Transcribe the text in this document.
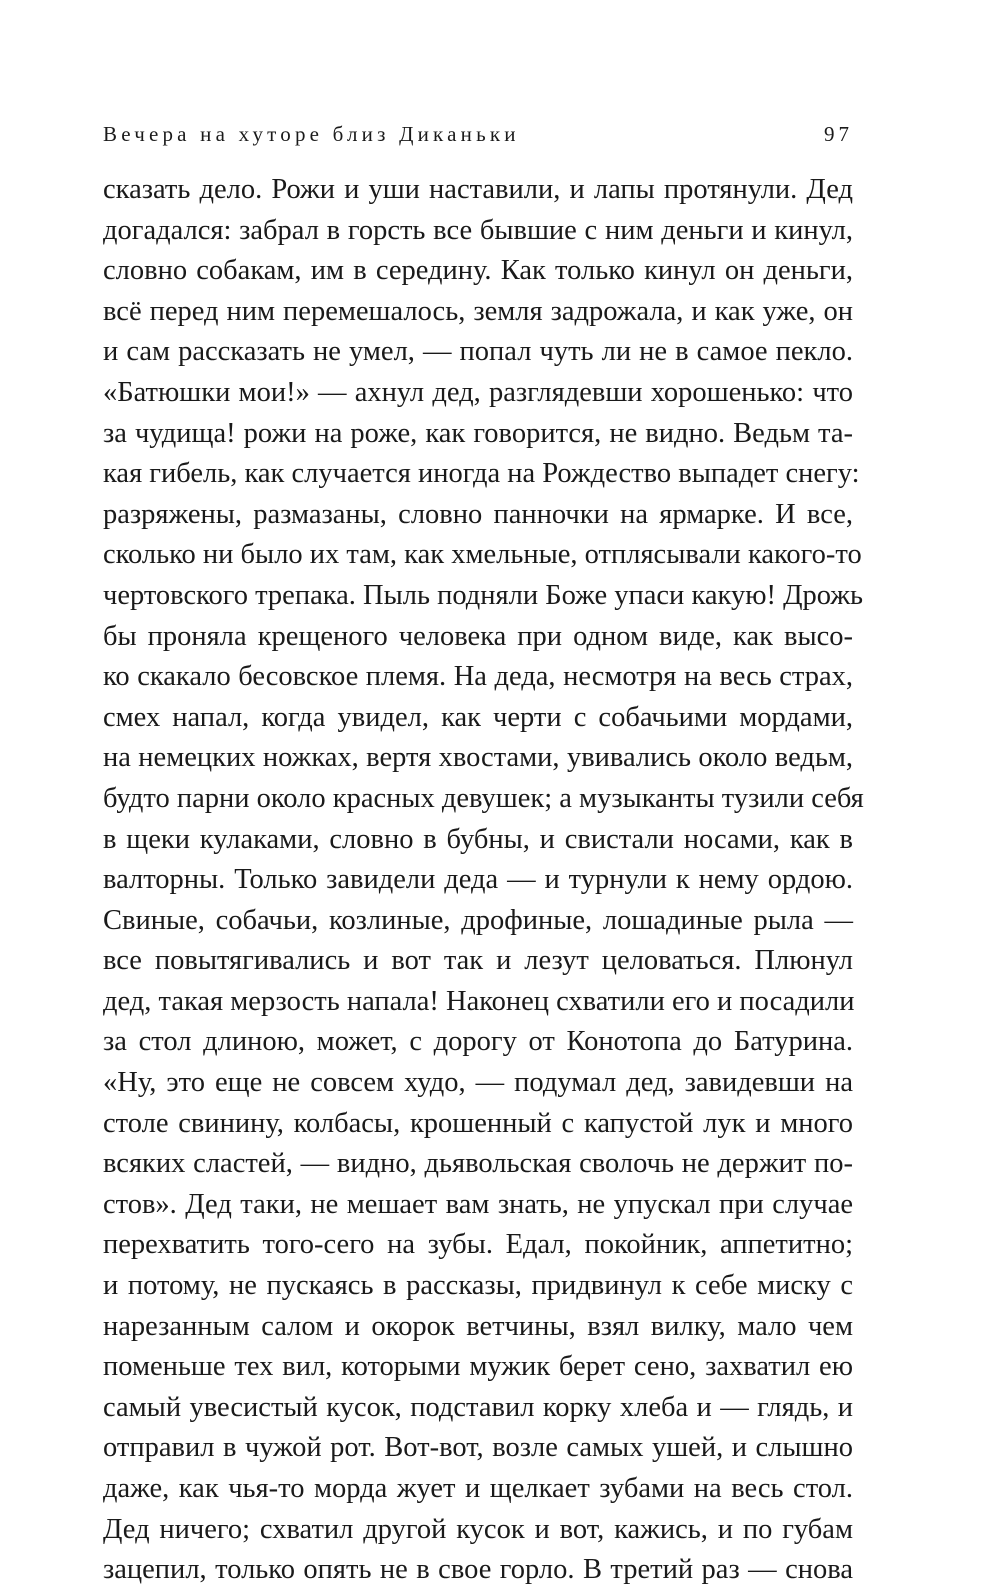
Вечера на хуторе близ Диканьки	97
сказать дело. Рожи и уши наставили, и лапы протянули. Дед
догадался: забрал в горсть все бывшие с ним деньги и кинул,
словно собакам, им в середину. Как только кинул он деньги,
всё перед ним перемешалось, земля задрожала, и как уже, он
и сам рассказать не умел, — попал чуть ли не в самое пекло.
«Батюшки мои!» — ахнул дед, разглядевши хорошенько: что
за чудища! рожи на роже, как говорится, не видно. Ведьм та-
кая гибель, как случается иногда на Рождество выпадет снегу:
разряжены, размазаны, словно панночки на ярмарке. И все,
сколько ни было их там, как хмельные, отплясывали какого-то
чертовского трепака. Пыль подняли Боже упаси какую! Дрожь
бы проняла крещеного человека при одном виде, как высо-
ко скакало бесовское племя. На деда, несмотря на весь страх,
смех напал, когда увидел, как черти с собачьими мордами,
на немецких ножках, вертя хвостами, увивались около ведьм,
будто парни около красных девушек; а музыканты тузили себя
в щеки кулаками, словно в бубны, и свистали носами, как в
валторны. Только завидели деда — и турнули к нему ордою.
Свиные, собачьи, козлиные, дрофиные, лошадиные рыла —
все повытягивались и вот так и лезут целоваться. Плюнул
дед, такая мерзость напала! Наконец схватили его и посадили
за стол длиною, может, с дорогу от Конотопа до Батурина.
«Ну, это еще не совсем худо, — подумал дед, завидевши на
столе свинину, колбасы, крошенный с капустой лук и много
всяких сластей, — видно, дьявольская сволочь не держит по-
стов». Дед таки, не мешает вам знать, не упускал при случае
перехватить того-сего на зубы. Едал, покойник, аппетитно;
и потому, не пускаясь в рассказы, придвинул к себе миску с
нарезанным салом и окорок ветчины, взял вилку, мало чем
поменьше тех вил, которыми мужик берет сено, захватил ею
самый увесистый кусок, подставил корку хлеба и — глядь, и
отправил в чужой рот. Вот-вот, возле самых ушей, и слышно
даже, как чья-то морда жует и щелкает зубами на весь стол.
Дед ничего; схватил другой кусок и вот, кажись, и по губам
зацепил, только опять не в свое горло. В третий раз — снова
